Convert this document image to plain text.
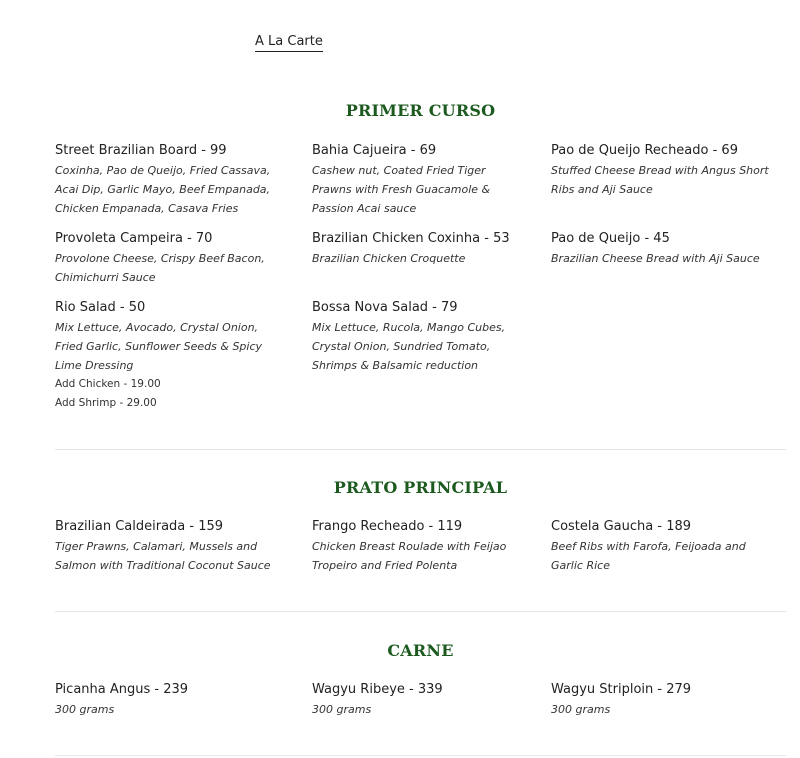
A La Carte
PRIMER CURSO
Street Brazilian Board - 99
Coxinha, Pao de Queijo, Fried Cassava, Acai Dip, Garlic Mayo, Beef Empanada, Chicken Empanada, Casava Fries
Bahia Cajueira - 69
Cashew nut, Coated Fried Tiger Prawns with Fresh Guacamole & Passion Acai sauce
Pao de Queijo Recheado - 69
Stuffed Cheese Bread with Angus Short Ribs and Aji Sauce
Provoleta Campeira - 70
Provolone Cheese, Crispy Beef Bacon, Chimichurri Sauce
Brazilian Chicken Coxinha - 53
Brazilian Chicken Croquette
Pao de Queijo - 45
Brazilian Cheese Bread with Aji Sauce
Rio Salad - 50
Mix Lettuce, Avocado, Crystal Onion, Fried Garlic, Sunflower Seeds & Spicy Lime Dressing
Add Chicken - 19.00
Add Shrimp - 29.00
Bossa Nova Salad - 79
Mix Lettuce, Rucola, Mango Cubes, Crystal Onion, Sundried Tomato, Shrimps & Balsamic reduction
PRATO PRINCIPAL
Brazilian Caldeirada - 159
Tiger Prawns, Calamari, Mussels and Salmon with Traditional Coconut Sauce
Frango Recheado - 119
Chicken Breast Roulade with Feijao Tropeiro and Fried Polenta
Costela Gaucha - 189
Beef Ribs with Farofa, Feijoada and Garlic Rice
CARNE
Picanha Angus - 239
300 grams
Wagyu Ribeye - 339
300 grams
Wagyu Striploin - 279
300 grams
